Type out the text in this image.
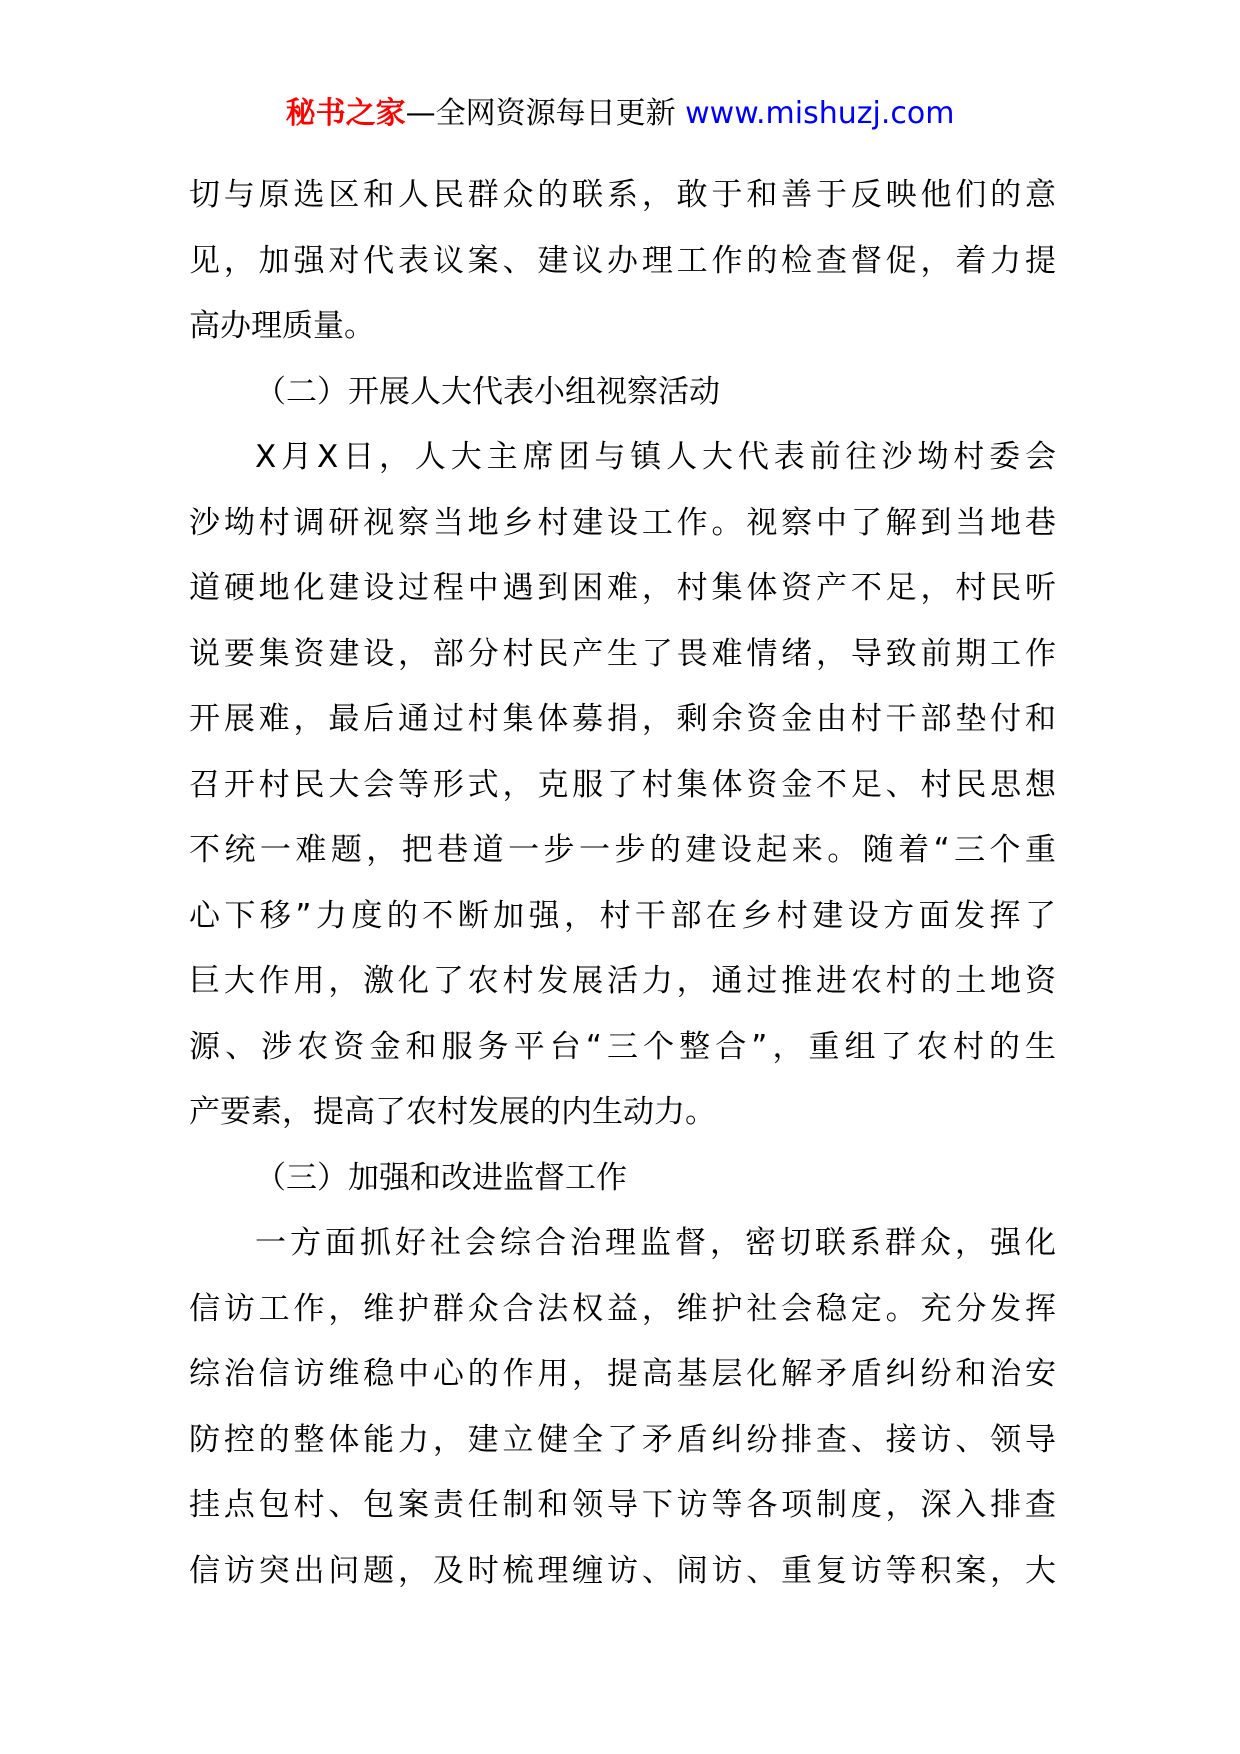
秘书之家—全网资源每日更新 www.mishuzj.com
切与原选区和人民群众的联系，敢于和善于反映他们的意
见，加强对代表议案、建议办理工作的检查督促，着力提
高办理质量。
（二）开展人大代表小组视察活动
X月X日，人大主席团与镇人大代表前往沙坳村委会
沙坳村调研视察当地乡村建设工作。视察中了解到当地巷
道硬地化建设过程中遇到困难，村集体资产不足，村民听
说要集资建设，部分村民产生了畏难情绪，导致前期工作
开展难，最后通过村集体募捐，剩余资金由村干部垫付和
召开村民大会等形式，克服了村集体资金不足、村民思想
不统一难题，把巷道一步一步的建设起来。随着“三个重
心下移”力度的不断加强，村干部在乡村建设方面发挥了
巨大作用，激化了农村发展活力，通过推进农村的土地资
源、涉农资金和服务平台“三个整合”，重组了农村的生
产要素，提高了农村发展的内生动力。
（三）加强和改进监督工作
一方面抓好社会综合治理监督，密切联系群众，强化
信访工作，维护群众合法权益，维护社会稳定。充分发挥
综治信访维稳中心的作用，提高基层化解矛盾纠纷和治安
防控的整体能力，建立健全了矛盾纠纷排查、接访、领导
挂点包村、包案责任制和领导下访等各项制度，深入排查
信访突出问题，及时梳理缠访、闹访、重复访等积案，大
